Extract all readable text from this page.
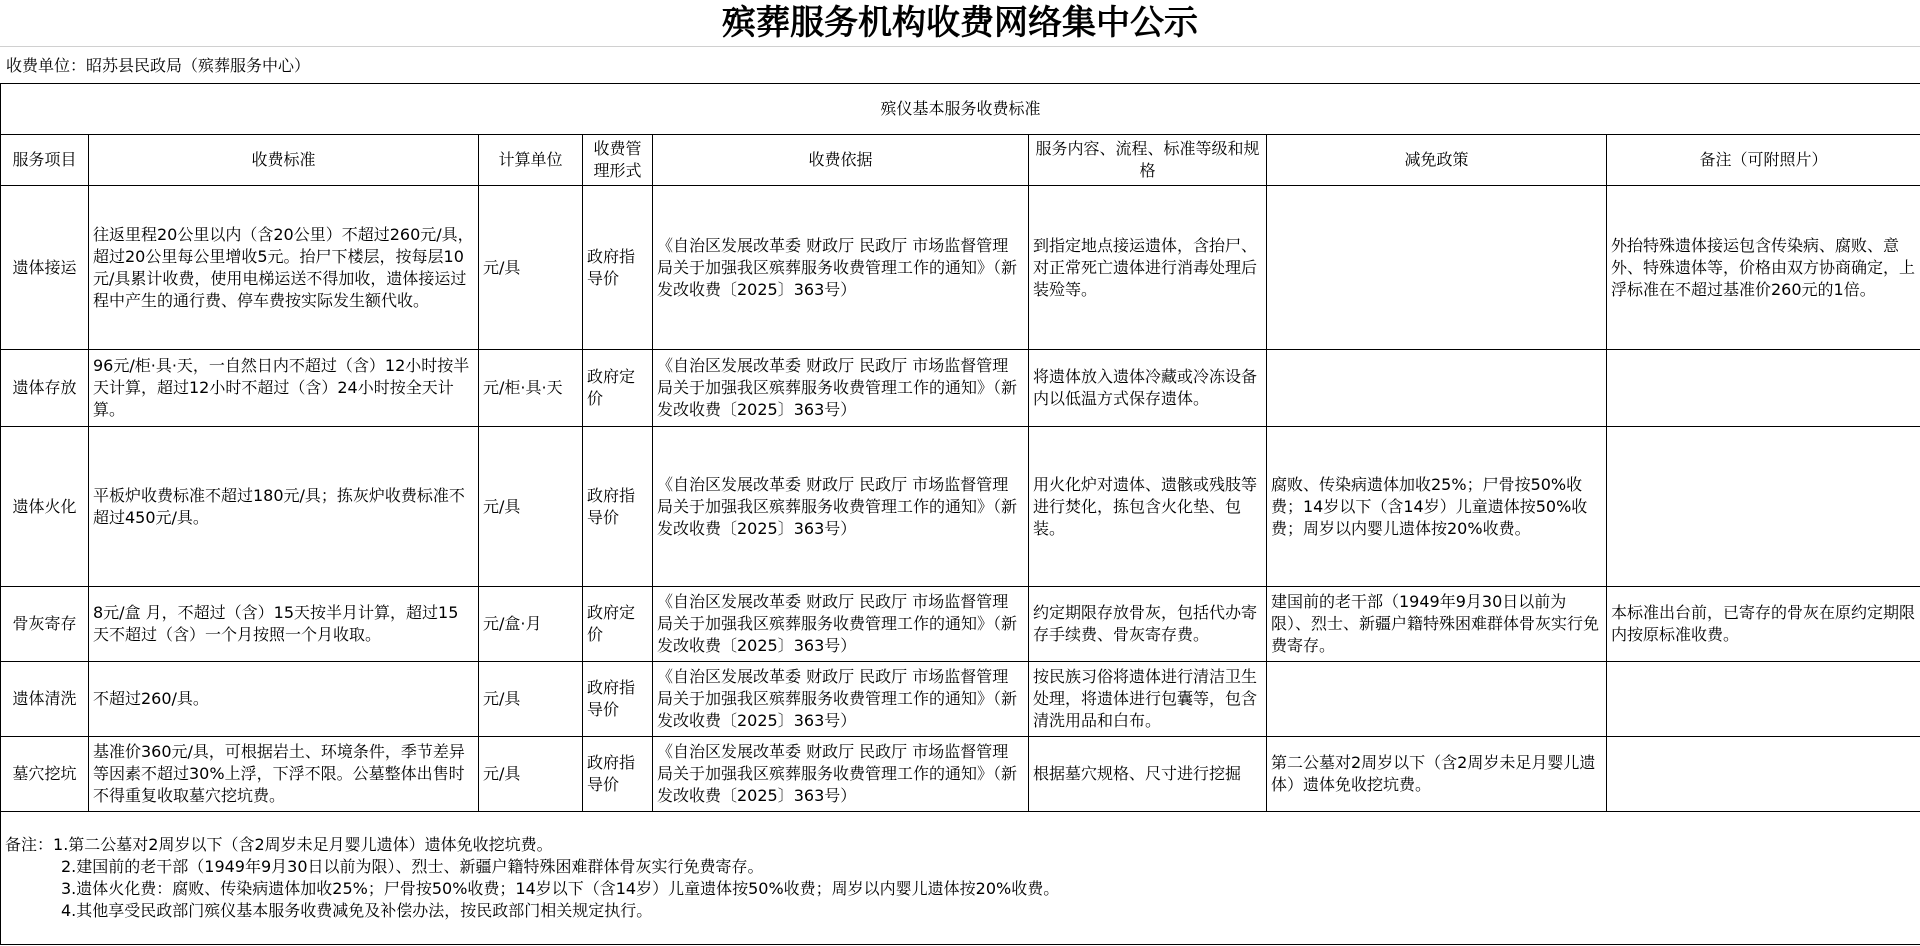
殡葬服务机构收费网络集中公示
收费单位：昭苏县民政局（殡葬服务中心）
殡仪基本服务收费标准							
服务项目	收费标准	计算单位	收费管理形式	收费依据	服务内容、流程、标准等级和规格	减免政策	备注（可附照片）
遗体接运	往返里程20公里以内（含20公里）不超过260元/具，超过20公里每公里增收5元。抬尸下楼层，按每层10元/具累计收费，使用电梯运送不得加收，遗体接运过程中产生的通行费、停车费按实际发生额代收。	元/具	政府指导价	《自治区发展改革委 财政厅 民政厅 市场监督管理局关于加强我区殡葬服务收费管理工作的通知》（新发改收费〔2025〕363号）	到指定地点接运遗体，含抬尸、对正常死亡遗体进行消毒处理后装殓等。		外抬特殊遗体接运包含传染病、腐败、意外、特殊遗体等，价格由双方协商确定，上浮标准在不超过基准价260元的1倍。
遗体存放	96元/柜·具·天，一自然日内不超过（含）12小时按半天计算，超过12小时不超过（含）24小时按全天计算。	元/柜·具·天	政府定价	《自治区发展改革委 财政厅 民政厅 市场监督管理局关于加强我区殡葬服务收费管理工作的通知》（新发改收费〔2025〕363号）	将遗体放入遗体冷藏或冷冻设备内以低温方式保存遗体。		
遗体火化	平板炉收费标准不超过180元/具；拣灰炉收费标准不超过450元/具。	元/具	政府指导价	《自治区发展改革委 财政厅 民政厅 市场监督管理局关于加强我区殡葬服务收费管理工作的通知》（新发改收费〔2025〕363号）	用火化炉对遗体、遗骸或残肢等进行焚化，拣包含火化垫、包装。	腐败、传染病遗体加收25%；尸骨按50%收费；14岁以下（含14岁）儿童遗体按50%收费；周岁以内婴儿遗体按20%收费。	
骨灰寄存	8元/盒 月，不超过（含）15天按半月计算，超过15天不超过（含）一个月按照一个月收取。	元/盒·月	政府定价	《自治区发展改革委 财政厅 民政厅 市场监督管理局关于加强我区殡葬服务收费管理工作的通知》（新发改收费〔2025〕363号）	约定期限存放骨灰，包括代办寄存手续费、骨灰寄存费。	建国前的老干部（1949年9月30日以前为限）、烈士、新疆户籍特殊困难群体骨灰实行免费寄存。	本标准出台前，已寄存的骨灰在原约定期限内按原标准收费。
遗体清洗	不超过260/具。	元/具	政府指导价	《自治区发展改革委 财政厅 民政厅 市场监督管理局关于加强我区殡葬服务收费管理工作的通知》（新发改收费〔2025〕363号）	按民族习俗将遗体进行清洁卫生处理，将遗体进行包囊等，包含清洗用品和白布。		
墓穴挖坑	基准价360元/具，可根据岩土、环境条件，季节差异等因素不超过30%上浮，下浮不限。公墓整体出售时不得重复收取墓穴挖坑费。	元/具	政府指导价	《自治区发展改革委 财政厅 民政厅 市场监督管理局关于加强我区殡葬服务收费管理工作的通知》（新发改收费〔2025〕363号）	根据墓穴规格、尺寸进行挖掘	第二公墓对2周岁以下（含2周岁未足月婴儿遗体）遗体免收挖坑费。	

备注：1.第二公墓对2周岁以下（含2周岁未足月婴儿遗体）遗体免收挖坑费。
2.建国前的老干部（1949年9月30日以前为限）、烈士、新疆户籍特殊困难群体骨灰实行免费寄存。
3.遗体火化费：腐败、传染病遗体加收25%；尸骨按50%收费；14岁以下（含14岁）儿童遗体按50%收费；周岁以内婴儿遗体按20%收费。
4.其他享受民政部门殡仪基本服务收费减免及补偿办法，按民政部门相关规定执行。							
